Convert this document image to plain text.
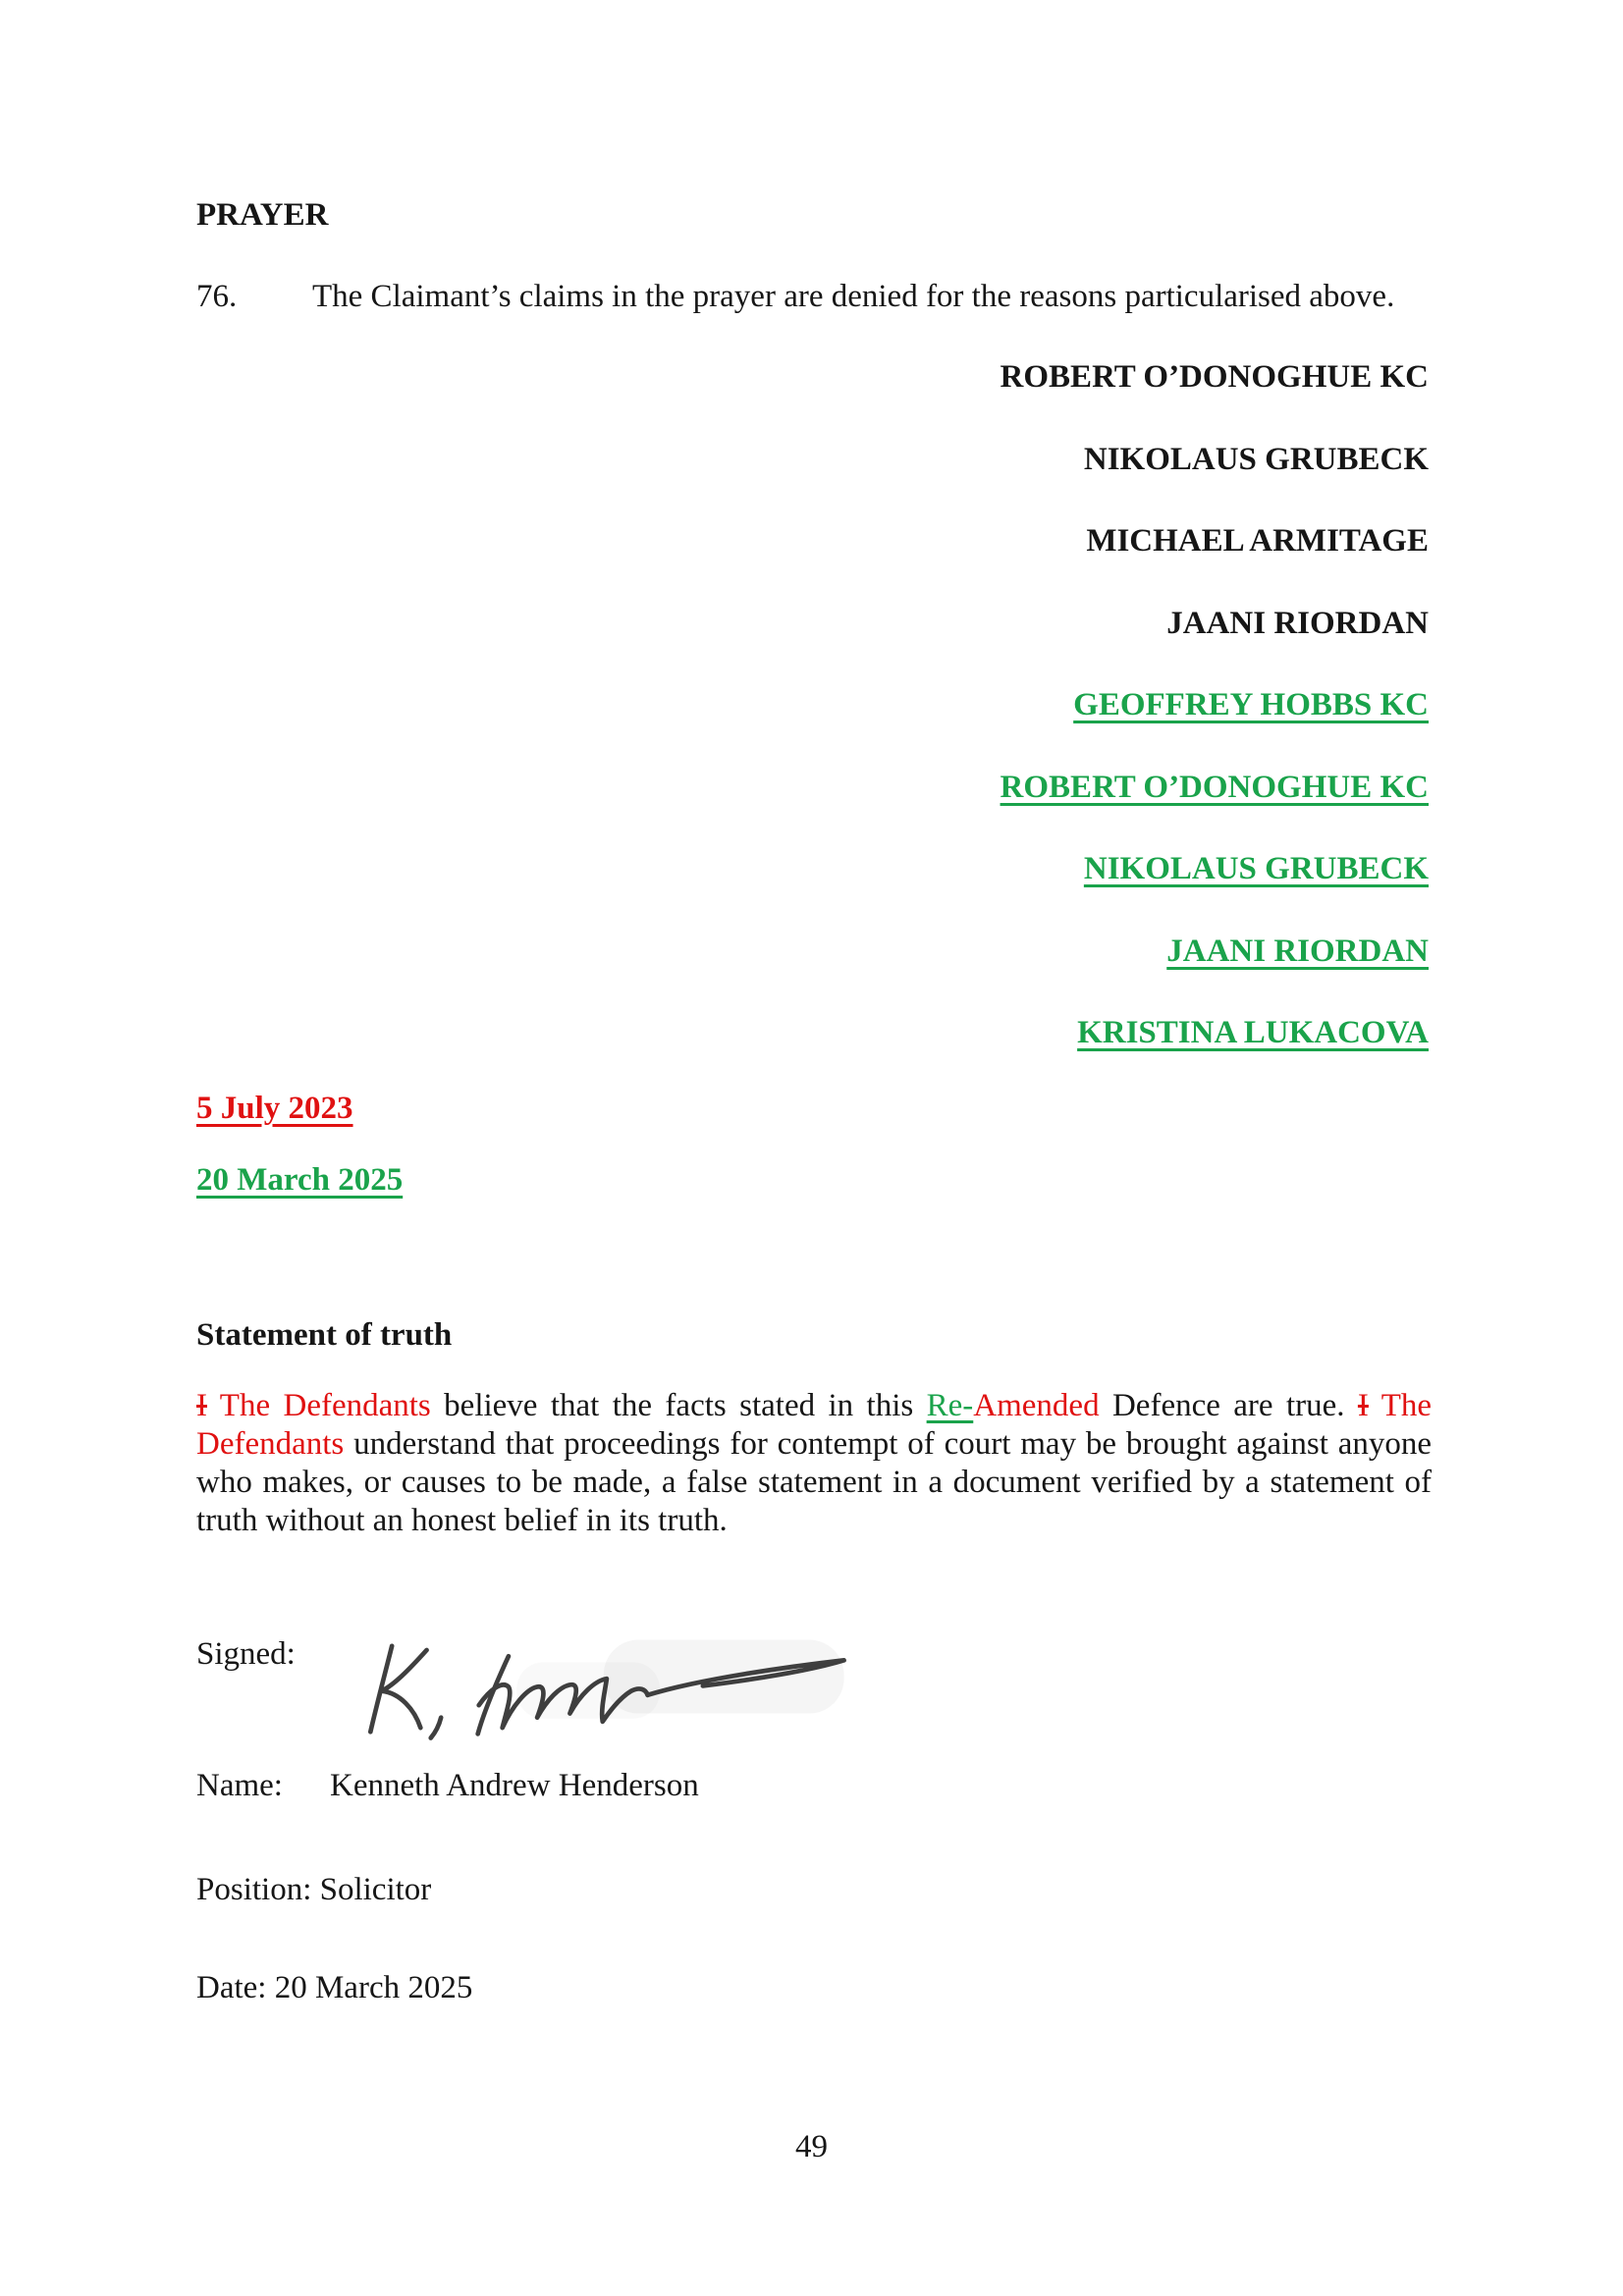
PRAYER
76.	The Claimant’s claims in the prayer are denied for the reasons particularised above.
ROBERT O’DONOGHUE KC
NIKOLAUS GRUBECK
MICHAEL ARMITAGE
JAANI RIORDAN
GEOFFREY HOBBS KC
ROBERT O’DONOGHUE KC
NIKOLAUS GRUBECK
JAANI RIORDAN
KRISTINA LUKACOVA
5 July 2023
20 March 2025
Statement of truth
I The Defendants believe that the facts stated in this Re-Amended Defence are true. I The
Defendants understand that proceedings for contempt of court may be brought against anyone
who makes, or causes to be made, a false statement in a document verified by a statement of
truth without an honest belief in its truth.
Signed:
Name: Kenneth Andrew Henderson
Position: Solicitor
Date: 20 March 2025
49
